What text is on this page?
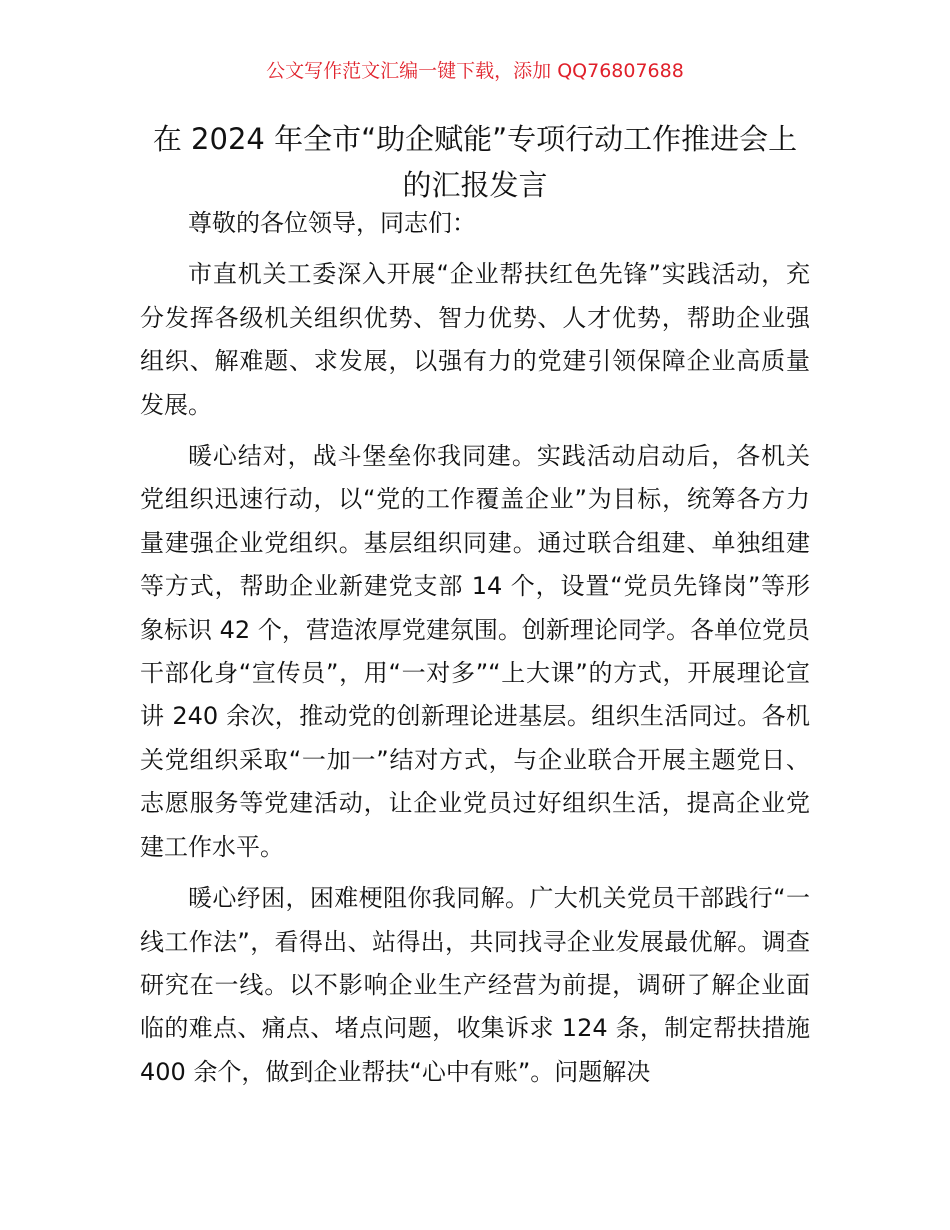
公文写作范文汇编一键下载，添加 QQ76807688
在 2024 年全市“助企赋能”专项行动工作推进会上的汇报发言

尊敬的各位领导，同志们：

市直机关工委深入开展“企业帮扶红色先锋”实践活动，充分发挥各级机关组织优势、智力优势、人才优势，帮助企业强组织、解难题、求发展，以强有力的党建引领保障企业高质量发展。

暖心结对，战斗堡垒你我同建。实践活动启动后，各机关党组织迅速行动，以“党的工作覆盖企业”为目标，统筹各方力量建强企业党组织。基层组织同建。通过联合组建、单独组建等方式，帮助企业新建党支部 14 个，设置“党员先锋岗”等形象标识 42 个，营造浓厚党建氛围。创新理论同学。各单位党员干部化身“宣传员”，用“一对多”“上大课”的方式，开展理论宣讲 240 余次，推动党的创新理论进基层。组织生活同过。各机关党组织采取“一加一”结对方式，与企业联合开展主题党日、志愿服务等党建活动，让企业党员过好组织生活，提高企业党建工作水平。

暖心纾困，困难梗阻你我同解。广大机关党员干部践行“一线工作法”，看得出、站得出，共同找寻企业发展最优解。调查研究在一线。以不影响企业生产经营为前提，调研了解企业面临的难点、痛点、堵点问题，收集诉求 124 条，制定帮扶措施 400 余个，做到企业帮扶“心中有账”。问题解决
